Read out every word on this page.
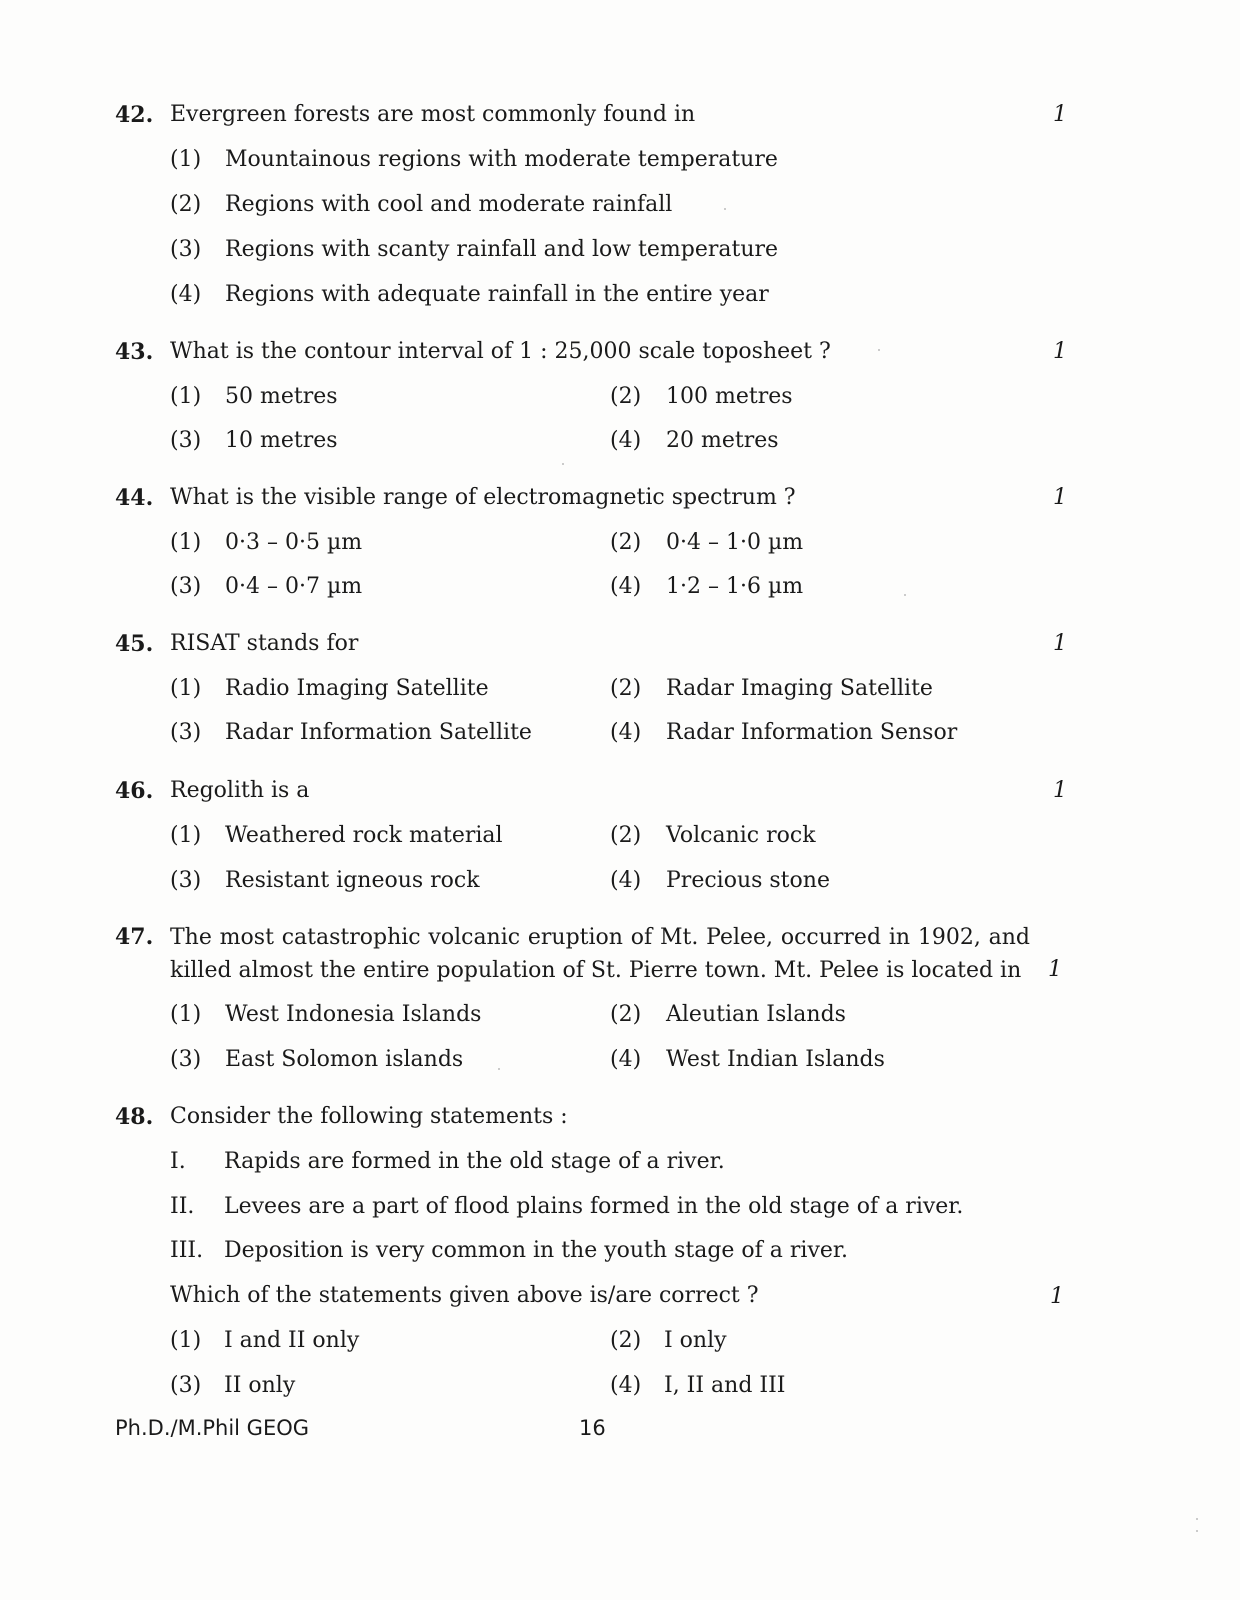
42. Evergreen forests are most commonly found in	1
(1) Mountainous regions with moderate temperature
(2) Regions with cool and moderate rainfall
(3) Regions with scanty rainfall and low temperature
(4) Regions with adequate rainfall in the entire year
43. What is the contour interval of 1 : 25,000 scale toposheet ?	1
(1) 50 metres	(2) 100 metres
(3) 10 metres	(4) 20 metres
44. What is the visible range of electromagnetic spectrum ?	1
(1) 0·3 – 0·5 µm	(2) 0·4 – 1·0 µm
(3) 0·4 – 0·7 µm	(4) 1·2 – 1·6 µm
45. RISAT stands for	1
(1) Radio Imaging Satellite	(2) Radar Imaging Satellite
(3) Radar Information Satellite	(4) Radar Information Sensor
46. Regolith is a	1
(1) Weathered rock material	(2) Volcanic rock
(3) Resistant igneous rock	(4) Precious stone
47. The most catastrophic volcanic eruption of Mt. Pelee, occurred in 1902, and killed almost the entire population of St. Pierre town. Mt. Pelee is located in	1
(1) West Indonesia Islands	(2) Aleutian Islands
(3) East Solomon islands	(4) West Indian Islands
48. Consider the following statements :
I. Rapids are formed in the old stage of a river.
II. Levees are a part of flood plains formed in the old stage of a river.
III. Deposition is very common in the youth stage of a river.
Which of the statements given above is/are correct ?	1
(1) I and II only	(2) I only
(3) II only	(4) I, II and III
Ph.D./M.Phil GEOG	16
